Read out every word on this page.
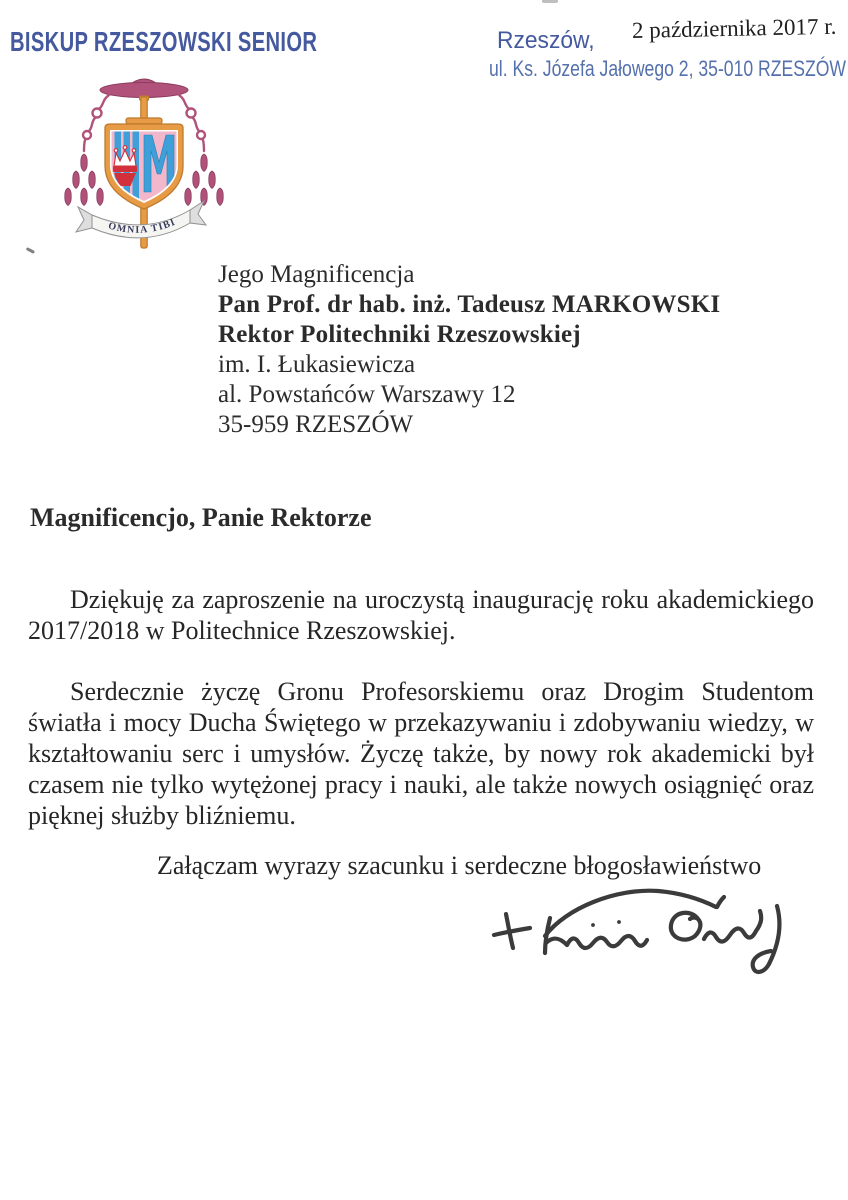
BISKUP RZESZOWSKI SENIOR	Rzeszów, 2 października 2017 r.
ul. Ks. Józefa Jałowego 2, 35-010 RZESZÓW
OMNIA TIBI
Jego Magnificencja
Pan Prof. dr hab. inż. Tadeusz MARKOWSKI
Rektor Politechniki Rzeszowskiej
im. I. Łukasiewicza
al. Powstańców Warszawy 12
35-959 RZESZÓW
Magnificencjo, Panie Rektorze

Dziękuję za zaproszenie na uroczystą inaugurację roku akademickiego 2017/2018 w Politechnice Rzeszowskiej.

Serdecznie życzę Gronu Profesorskiemu oraz Drogim Studentom światła i mocy Ducha Świętego w przekazywaniu i zdobywaniu wiedzy, w kształtowaniu serc i umysłów. Życzę także, by nowy rok akademicki był czasem nie tylko wytężonej pracy i nauki, ale także nowych osiągnięć oraz pięknej służby bliźniemu.

Załączam wyrazy szacunku i serdeczne błogosławieństwo
